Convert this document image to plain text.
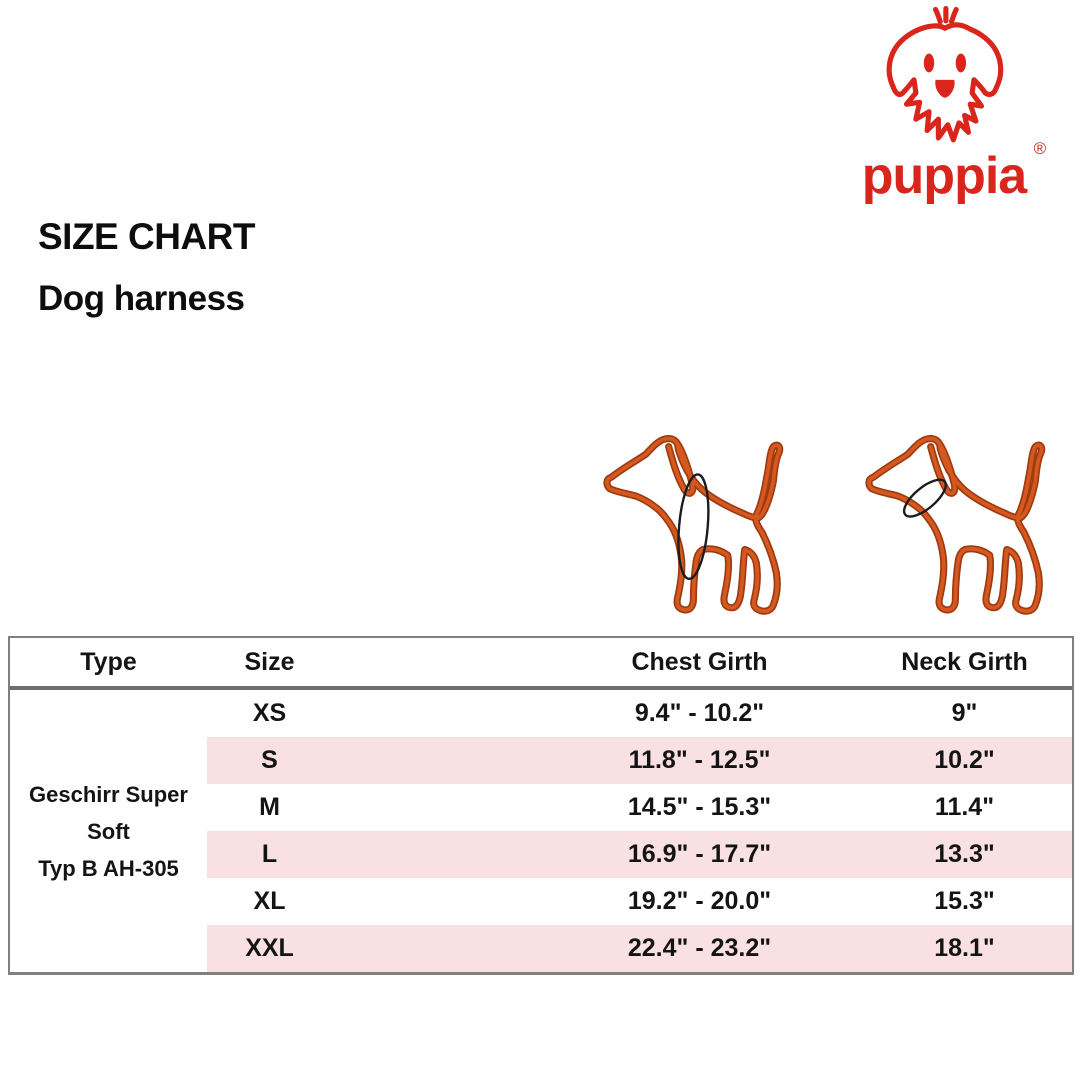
puppia ®
SIZE CHART
Dog harness
Type	Size	Chest Girth	Neck Girth
Geschirr Super
Soft
Typ B AH-305
XS	9.4" - 10.2"	9"
S	11.8" - 12.5"	10.2"
M	14.5" - 15.3"	11.4"
L	16.9" - 17.7"	13.3"
XL	19.2" - 20.0"	15.3"
XXL	22.4" - 23.2"	18.1"
